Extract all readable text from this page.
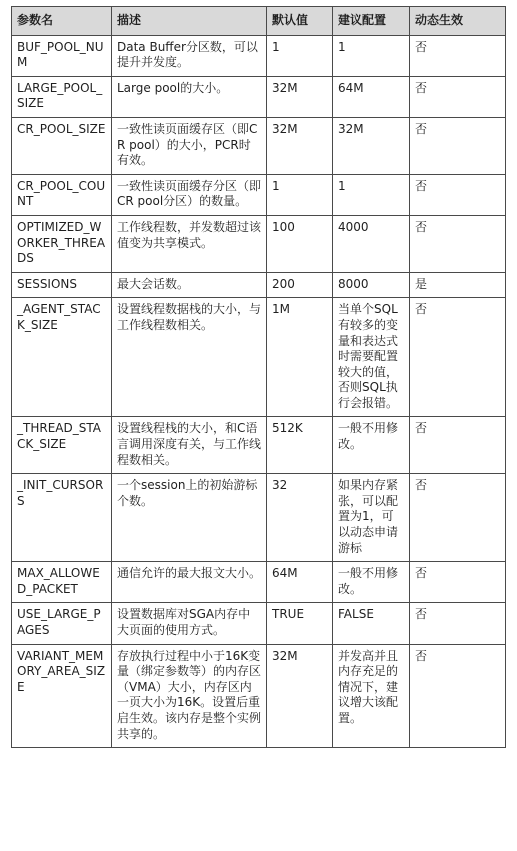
参数名	描述	默认值	建议配置	动态生效
BUF_POOL_NUM	Data Buffer分区数，可以提升并发度。	1	1	否
LARGE_POOL_SIZE	Large pool的大小。	32M	64M	否
CR_POOL_SIZE	一致性读页面缓存区（即CR pool）的大小，PCR时有效。	32M	32M	否
CR_POOL_COUNT	一致性读页面缓存分区（即CR pool分区）的数量。	1	1	否
OPTIMIZED_WORKER_THREADS	工作线程数，并发数超过该值变为共享模式。	100	4000	否
SESSIONS	最大会话数。	200	8000	是
_AGENT_STACK_SIZE	设置线程数据栈的大小，与工作线程数相关。	1M	当单个SQL有较多的变量和表达式时需要配置较大的值，否则SQL执行会报错。	否
_THREAD_STACK_SIZE	设置线程栈的大小，和C语言调用深度有关，与工作线程数相关。	512K	一般不用修改。	否
_INIT_CURSORS	一个session上的初始游标个数。	32	如果内存紧张，可以配置为1，可以动态申请游标	否
MAX_ALLOWED_PACKET	通信允许的最大报文大小。	64M	一般不用修改。	否
USE_LARGE_PAGES	设置数据库对SGA内存中大页面的使用方式。	TRUE	FALSE	否
VARIANT_MEMORY_AREA_SIZE	存放执行过程中小于16K变量（绑定参数等）的内存区（VMA）大小，内存区内一页大小为16K。设置后重启生效。该内存是整个实例共享的。	32M	并发高并且内存充足的情况下，建议增大该配置。	否
